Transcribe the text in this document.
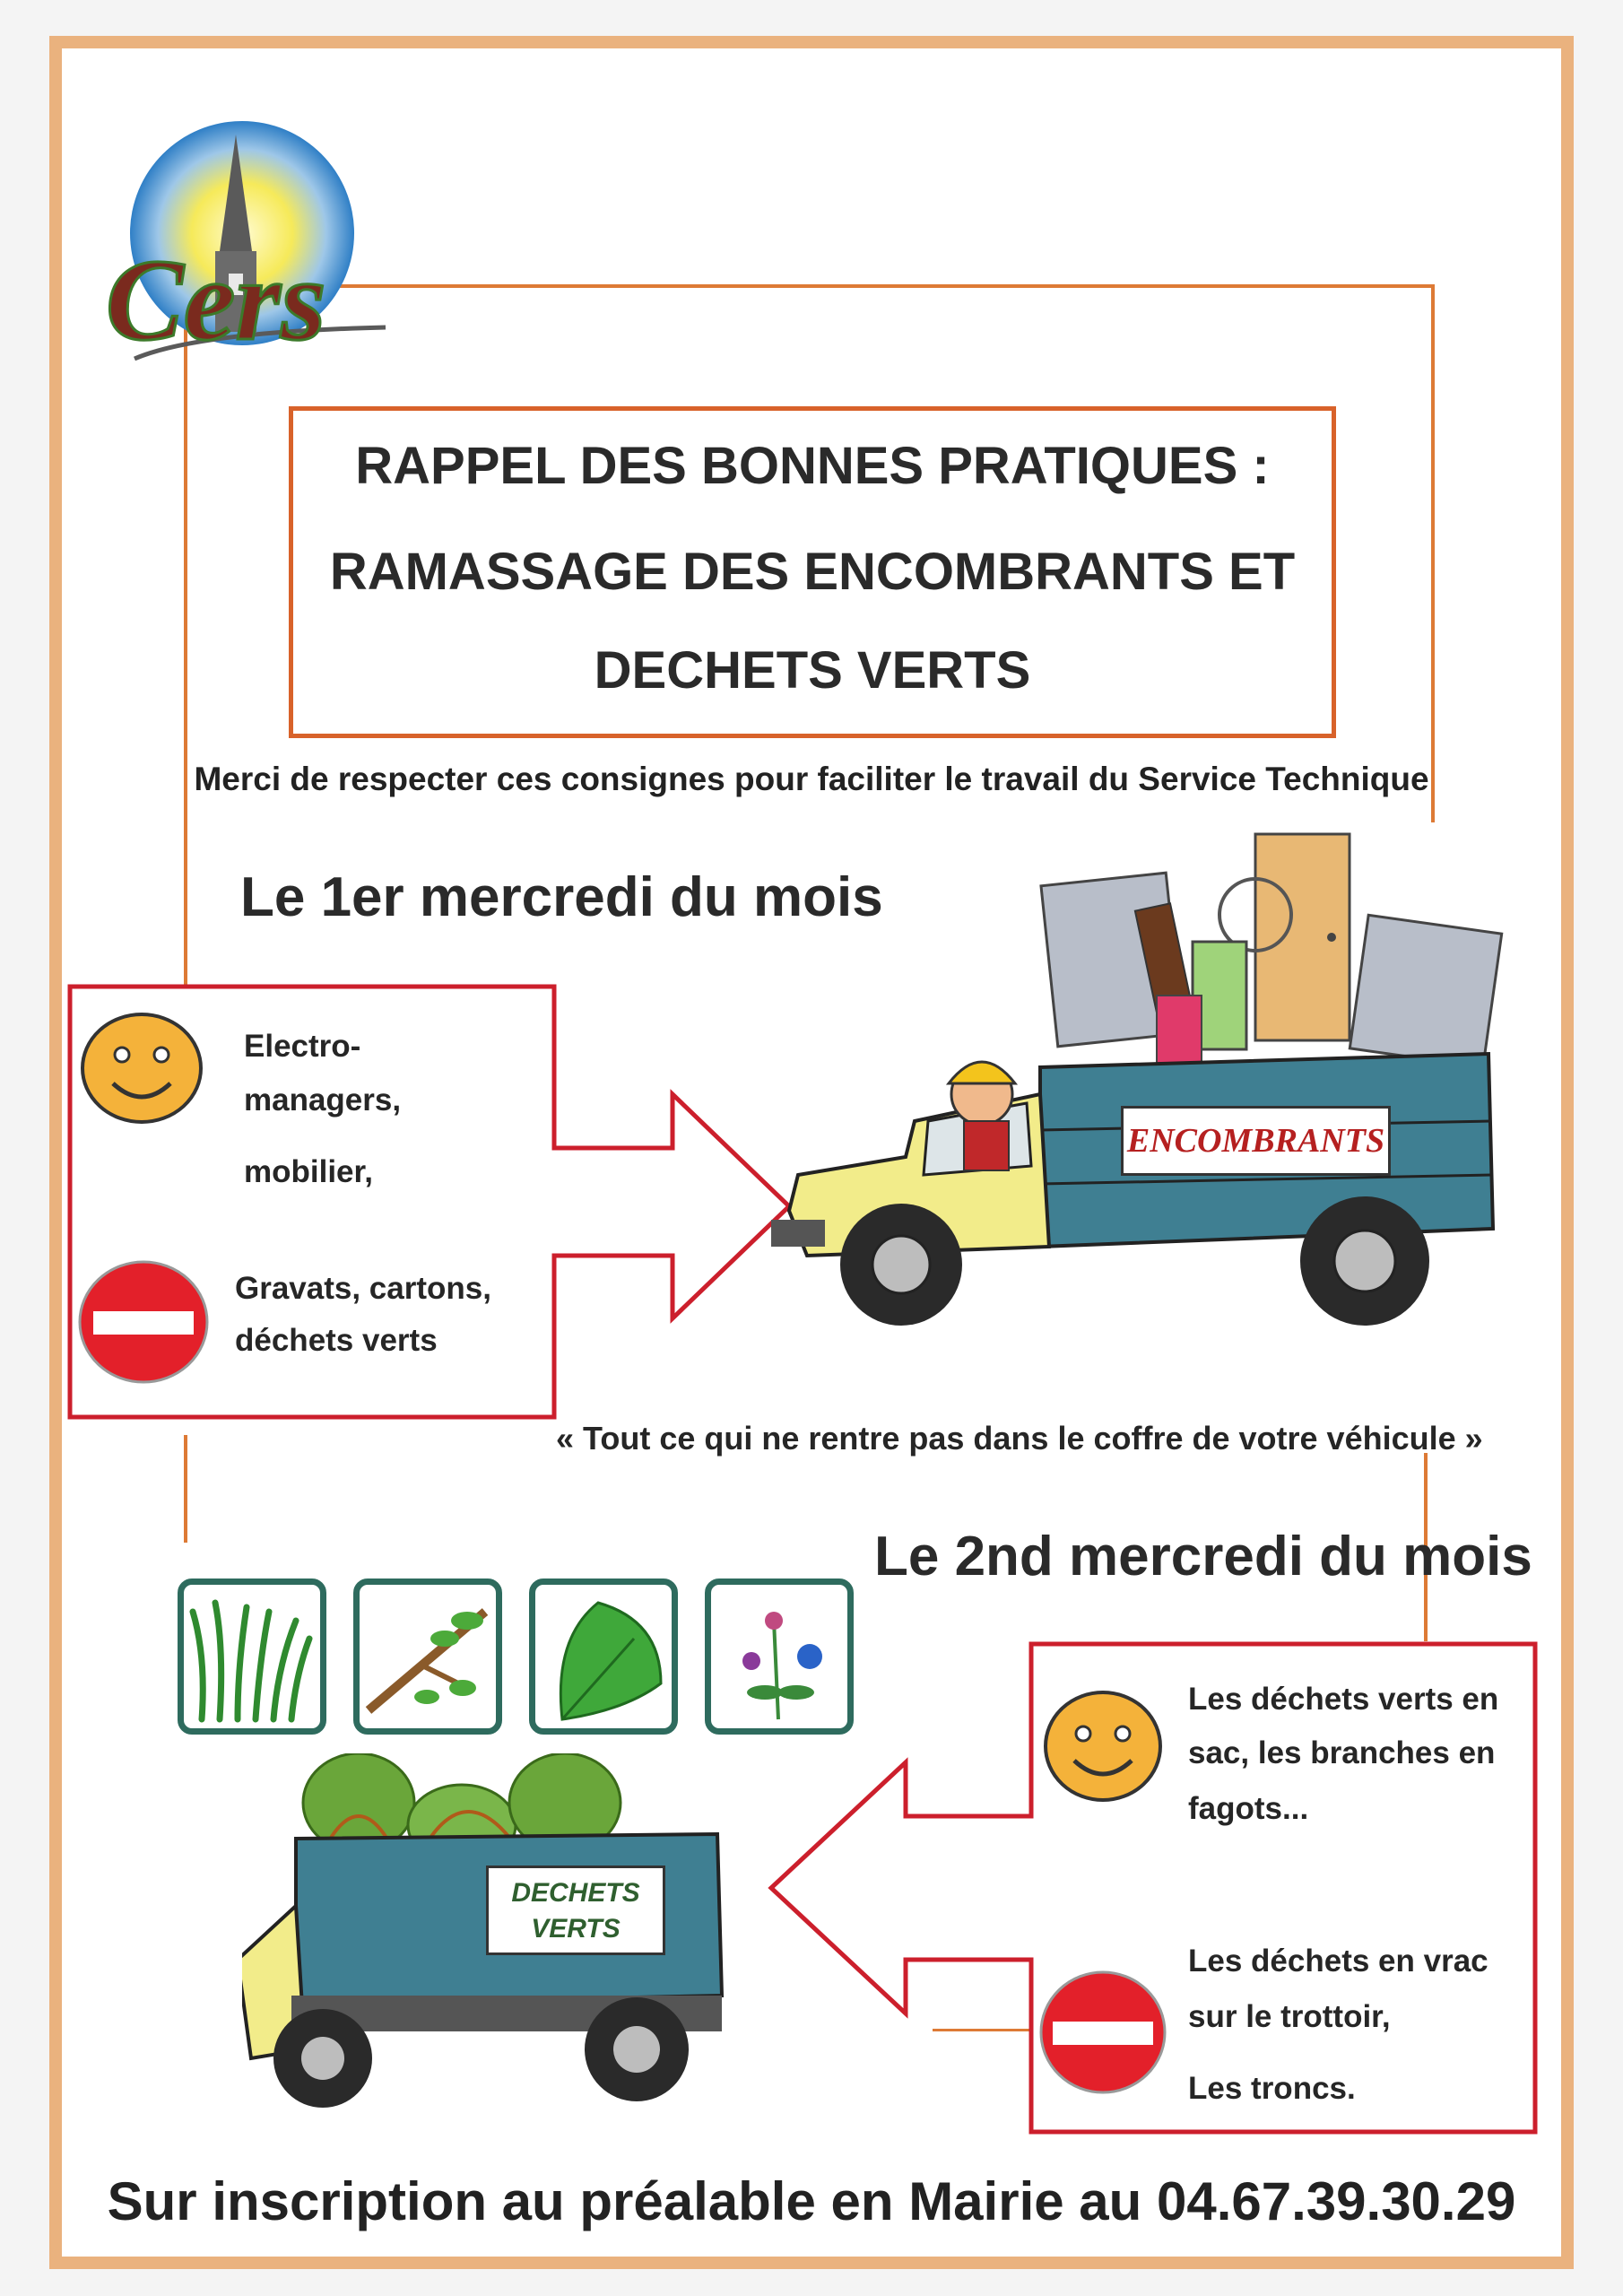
Cers
RAPPEL DES BONNES PRATIQUES :
RAMASSAGE DES ENCOMBRANTS ET
DECHETS VERTS
Merci de respecter ces consignes pour faciliter le travail du Service Technique
Le 1er mercredi du mois
Electro-
managers,
mobilier,
Gravats, cartons,
déchets verts
ENCOMBRANTS
« Tout ce qui ne rentre pas dans le coffre de votre véhicule »
Le 2nd mercredi du mois
Les déchets verts en
sac, les branches en
fagots...
Les déchets en vrac
sur le trottoir,
Les troncs.
DECHETS
VERTS
Sur inscription au préalable en Mairie au 04.67.39.30.29
